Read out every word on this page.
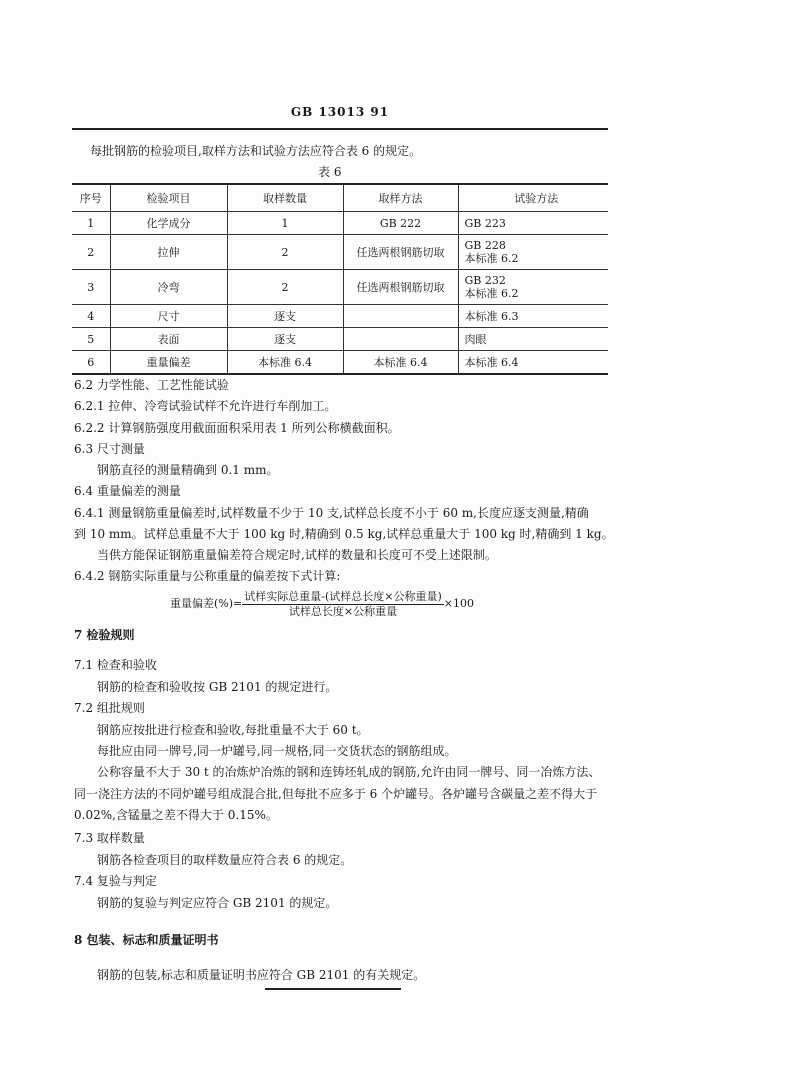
GB 13013 91
每批钢筋的检验项目,取样方法和试验方法应符合表 6 的规定。
表 6
序号	检验项目	取样数量	取样方法	试验方法
1	化学成分	1	GB 222	GB 223
2	拉伸	2	任选两根钢筋切取	GB 228
本标准 6.2

3	冷弯	2	任选两根钢筋切取	GB 232
本标准 6.2

4	尺寸	逐支		本标准 6.3
5	表面	逐支		肉眼
6	重量偏差	本标准 6.4	本标准 6.4	本标准 6.4
6.2 力学性能、工艺性能试验
6.2.1 拉伸、冷弯试验试样不允许进行车削加工。
6.2.2 计算钢筋强度用截面面积采用表 1 所列公称横截面积。
6.3 尺寸测量
钢筋直径的测量精确到 0.1 mm。
6.4 重量偏差的测量
6.4.1 测量钢筋重量偏差时,试样数量不少于 10 支,试样总长度不小于 60 m,长度应逐支测量,精确
到 10 mm。试样总重量不大于 100 kg 时,精确到 0.5 kg,试样总重量大于 100 kg 时,精确到 1 kg。
当供方能保证钢筋重量偏差符合规定时,试样的数量和长度可不受上述限制。
6.4.2 钢筋实际重量与公称重量的偏差按下式计算:
重量偏差(%)= $\frac{\text{试样实际总重量-(试样总长度×公称重量)}}{\text{试样总长度×公称重量}} \times 100$
7 检验规则
7.1 检查和验收
钢筋的检查和验收按 GB 2101 的规定进行。
7.2 组批规则
钢筋应按批进行检查和验收,每批重量不大于 60 t。
每批应由同一牌号,同一炉罐号,同一规格,同一交货状态的钢筋组成。
公称容量不大于 30 t 的冶炼炉冶炼的钢和连铸坯轧成的钢筋,允许由同一牌号、同一冶炼方法、
同一浇注方法的不同炉罐号组成混合批,但每批不应多于 6 个炉罐号。各炉罐号含碳量之差不得大于
0.02%,含锰量之差不得大于 0.15%。
7.3 取样数量
钢筋各检查项目的取样数量应符合表 6 的规定。
7.4 复验与判定
钢筋的复验与判定应符合 GB 2101 的规定。
8 包装、标志和质量证明书
钢筋的包装,标志和质量证明书应符合 GB 2101 的有关规定。
